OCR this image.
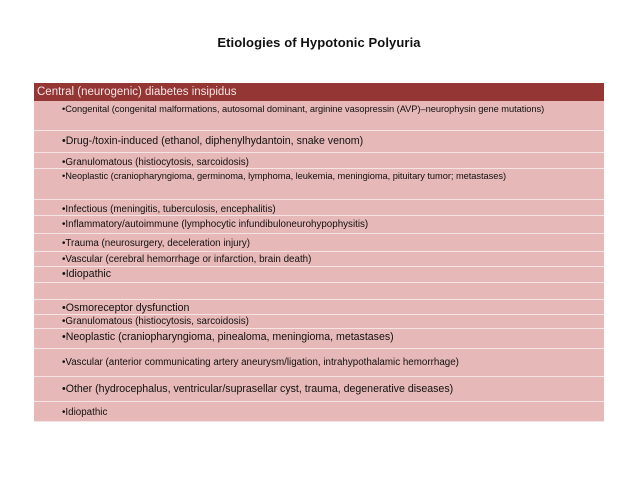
Etiologies of Hypotonic Polyuria
Central (neurogenic) diabetes insipidus
•Congenital (congenital malformations, autosomal dominant, arginine vasopressin (AVP)–neurophysin gene mutations)
•Drug-/toxin-induced (ethanol, diphenylhydantoin, snake venom)
•Granulomatous (histiocytosis, sarcoidosis)
•Neoplastic (craniopharyngioma, germinoma, lymphoma, leukemia, meningioma, pituitary tumor; metastases)
•Infectious (meningitis, tuberculosis, encephalitis)
•Inflammatory/autoimmune (lymphocytic infundibuloneurohypophysitis)
•Trauma (neurosurgery, deceleration injury)
•Vascular (cerebral hemorrhage or infarction, brain death)
•Idiopathic
•Osmoreceptor dysfunction
•Granulomatous (histiocytosis, sarcoidosis)
•Neoplastic (craniopharyngioma, pinealoma, meningioma, metastases)
•Vascular (anterior communicating artery aneurysm/ligation, intrahypothalamic hemorrhage)
•Other (hydrocephalus, ventricular/suprasellar cyst, trauma, degenerative diseases)
•Idiopathic
